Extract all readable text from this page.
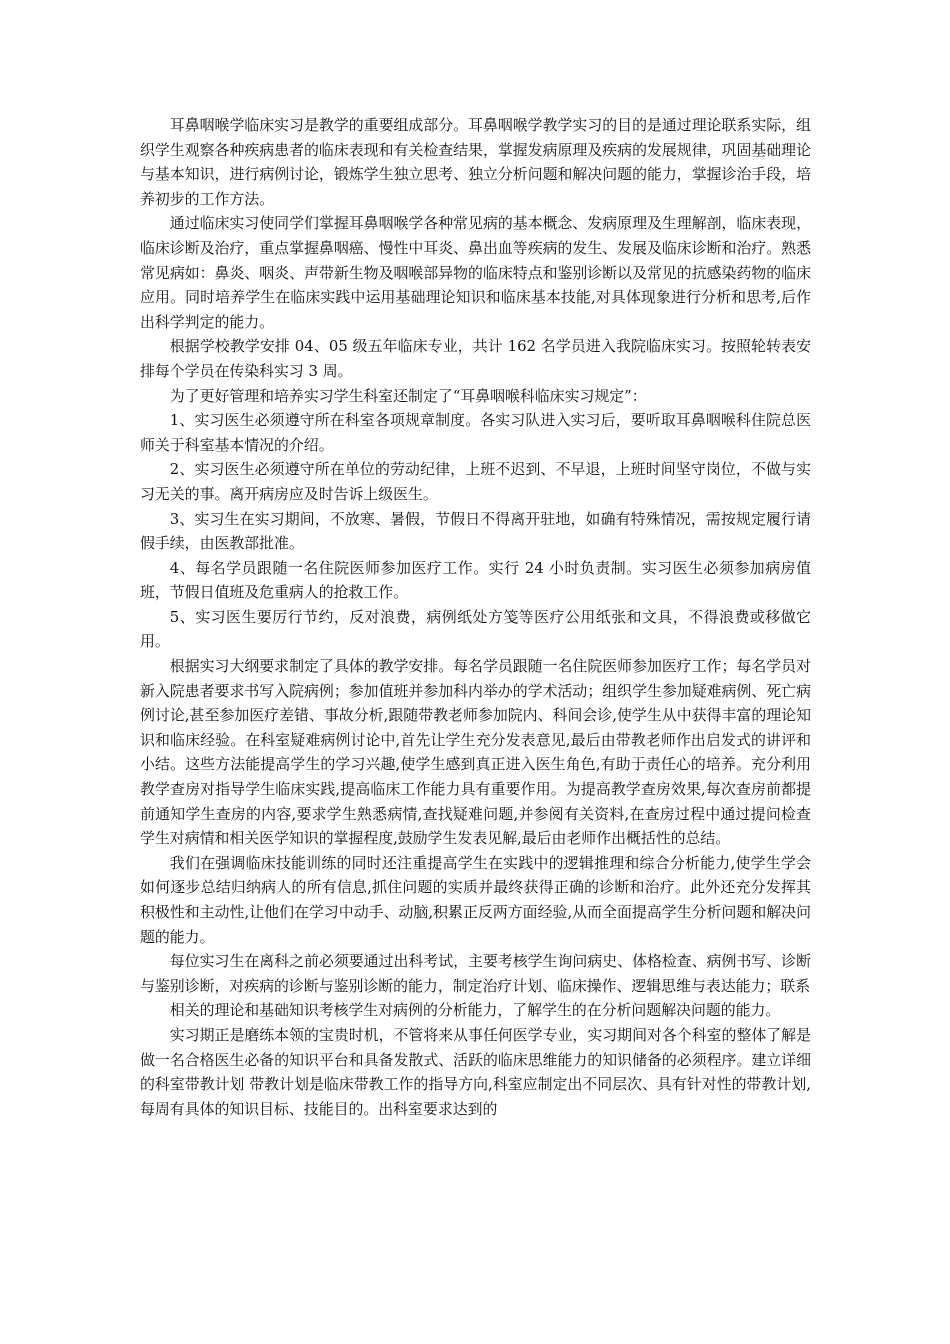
耳鼻咽喉学临床实习是教学的重要组成部分。耳鼻咽喉学教学实习的目的是通过理论联系实际，组织学生观察各种疾病患者的临床表现和有关检查结果，掌握发病原理及疾病的发展规律，巩固基础理论与基本知识，进行病例讨论，锻炼学生独立思考、独立分析问题和解决问题的能力，掌握诊治手段，培养初步的工作方法。

通过临床实习使同学们掌握耳鼻咽喉学各种常见病的基本概念、发病原理及生理解剖，临床表现，临床诊断及治疗，重点掌握鼻咽癌、慢性中耳炎、鼻出血等疾病的发生、发展及临床诊断和治疗。熟悉常见病如：鼻炎、咽炎、声带新生物及咽喉部异物的临床特点和鉴别诊断以及常见的抗感染药物的临床应用。同时培养学生在临床实践中运用基础理论知识和临床基本技能,对具体现象进行分析和思考,后作出科学判定的能力。

根据学校教学安排 04、05 级五年临床专业，共计 162 名学员进入我院临床实习。按照轮转表安排每个学员在传染科实习 3 周。

为了更好管理和培养实习学生科室还制定了“耳鼻咽喉科临床实习规定”：

1、实习医生必须遵守所在科室各项规章制度。各实习队进入实习后，要听取耳鼻咽喉科住院总医师关于科室基本情况的介绍。

2、实习医生必须遵守所在单位的劳动纪律，上班不迟到、不早退，上班时间坚守岗位，不做与实习无关的事。离开病房应及时告诉上级医生。

3、实习生在实习期间，不放寒、暑假，节假日不得离开驻地，如确有特殊情况，需按规定履行请假手续，由医教部批准。

4、每名学员跟随一名住院医师参加医疗工作。实行 24 小时负责制。实习医生必须参加病房值班，节假日值班及危重病人的抢救工作。

5、实习医生要厉行节约，反对浪费，病例纸处方笺等医疗公用纸张和文具，不得浪费或移做它用。

根据实习大纲要求制定了具体的教学安排。每名学员跟随一名住院医师参加医疗工作；每名学员对新入院患者要求书写入院病例；参加值班并参加科内举办的学术活动；组织学生参加疑难病例、死亡病例讨论,甚至参加医疗差错、事故分析,跟随带教老师参加院内、科间会诊,使学生从中获得丰富的理论知识和临床经验。在科室疑难病例讨论中,首先让学生充分发表意见,最后由带教老师作出启发式的讲评和小结。这些方法能提高学生的学习兴趣,使学生感到真正进入医生角色,有助于责任心的培养。充分利用教学查房对指导学生临床实践,提高临床工作能力具有重要作用。为提高教学查房效果,每次查房前都提前通知学生查房的内容,要求学生熟悉病情,查找疑难问题,并参阅有关资料,在查房过程中通过提问检查学生对病情和相关医学知识的掌握程度,鼓励学生发表见解,最后由老师作出概括性的总结。

我们在强调临床技能训练的同时还注重提高学生在实践中的逻辑推理和综合分析能力,使学生学会如何逐步总结归纳病人的所有信息,抓住问题的实质并最终获得正确的诊断和治疗。此外还充分发挥其积极性和主动性,让他们在学习中动手、动脑,积累正反两方面经验,从而全面提高学生分析问题和解决问题的能力。

每位实习生在离科之前必须要通过出科考试，主要考核学生询问病史、体格检查、病例书写、诊断与鉴别诊断，对疾病的诊断与鉴别诊断的能力，制定治疗计划、临床操作、逻辑思维与表达能力；联系

相关的理论和基础知识考核学生对病例的分析能力，了解学生的在分析问题解决问题的能力。

实习期正是磨练本领的宝贵时机，不管将来从事任何医学专业，实习期间对各个科室的整体了解是做一名合格医生必备的知识平台和具备发散式、活跃的临床思维能力的知识储备的必须程序。建立详细的科室带教计划 带教计划是临床带教工作的指导方向,科室应制定出不同层次、具有针对性的带教计划, 每周有具体的知识目标、技能目的。出科室要求达到的
